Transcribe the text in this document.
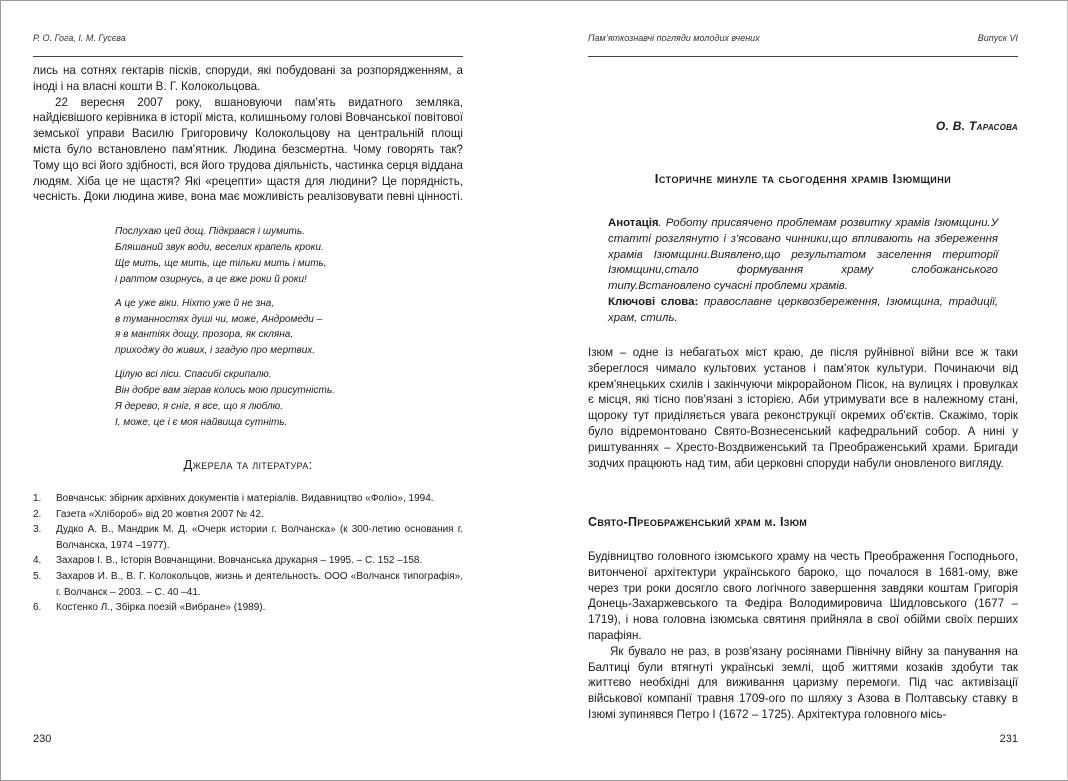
Р. О. Гога, І. М. Гусєва

лись на сотнях гектарів пісків, споруди, які побудовані за розпорядженням, а іноді і на власні кошти В. Г. Колокольцова.

22 вересня 2007 року, вшановуючи пам’ять видатного земляка, найдієвішого керівника в історії міста, колишньому голові Вовчанської повітової земської управи Василю Григоровичу Колокольцову на центральній площі міста було встановлено пам’ятник. Людина безсмертна. Чому говорять так? Тому що всі його здібності, вся його трудова діяльність, частинка серця віддана людям. Хіба це не щастя? Які «рецепти» щастя для людини? Це порядність, чесність. Доки людина живе, вона має можливість реалізовувати певні цінності.

Послухаю цей дощ. Підкрався і шумить.
Бляшаний звук води, веселих крапель кроки.
Ще мить, ще мить, ще тільки мить і мить,
і раптом озирнусь, а це вже роки й роки!
А це уже віки. Ніхто уже й не зна,
в туманностях душі чи, може, Андромеди –
я в мантіях дощу, прозора, як скляна,
приходжу до живих, і згадую про мертвих.
Цілую всі ліси. Спасибі скрипалю.
Він добре вам зіграв колись мою присутність.
Я дерево, я сніг, я все, що я люблю.
І, може, це і є моя найвища сутніть.
Джерела та література:
1. Вовчанськ: збірник архівних документів і матеріалів. Видавництво «Фоліо», 1994.
2. Газета «Хлібороб» від 20 жовтня 2007 № 42.
3. Дудко А. В., Мандрик М. Д. «Очерк истории г. Волчанска» (к 300-летию основания г. Волчанска, 1974 –1977).
4. Захаров І. В., Історія Вовчанщини. Вовчанська друкарня – 1995. – С. 152 –158.
5. Захаров И. В., В. Г. Колокольцов, жизнь и деятельность. ООО «Волчанск типографія», г. Волчанск – 2003. – С. 40 –41.
6. Костенко Л., Збірка поезій «Вибране» (1989).
230
Пам’яткознавчі погляди молодих вчених	Випуск VI
О. В. Тарасова
Історичне минуле та сьогодення храмів Ізюмщини

Анотація. Роботу присвячено проблемам розвитку храмів Ізюмщини.У статті розглянуто і з'ясовано чинники,що впливають на збереження храмів Ізюмщини.Виявлено,що результатом заселення території Ізюмщини,стало формування храму слобожанського типу.Встановлено сучасні проблеми храмів.

Ключові слова: православне церквозбереження, Ізюмщина, традиції, храм, стиль.

Ізюм – одне із небагатьох міст краю, де після руйнівної війни все ж таки збереглося чимало культових установ і пам'яток культури. Починаючи від крем'янецьких схилів і закінчуючи мікрорайоном Пісок, на вулицях і провулках є місця, які тісно пов'язані з історією. Аби утримувати все в належному стані, щороку тут приділяється увага реконструкції окремих об'єктів. Скажімо, торік було відремонтовано Свято-Вознесенський кафедральний собор. А нині у риштуваннях – Хресто-Воздвиженський та Преображенський храми. Бригади зодчих працюють над тим, аби церковні споруди набули оновленого вигляду.

Свято-Преображенський храм м. Ізюм

Будівництво головного ізюмського храму на честь Преображення Господнього, витонченої архітектури українського бароко, що почалося в 1681-ому, вже через три роки досягло свого логічного завершення завдяки коштам Григорія Донець-Захаржевського та Федіра Володимировича Шидловського (1677 – 1719), і нова головна ізюмська святиня прийняла в свої обійми своїх перших парафіян.

Як бувало не раз, в розв'язану росіянами Північну війну за панування на Балтиці були втягнуті українські землі, щоб життями козаків здобути так життєво необхідні для виживання царизму перемоги. Під час активізації військової компанії травня 1709-ого по шляху з Азова в Полтавську ставку в Ізюмі зупинявся Петро І (1672 – 1725). Архітектура головного місь-

231
